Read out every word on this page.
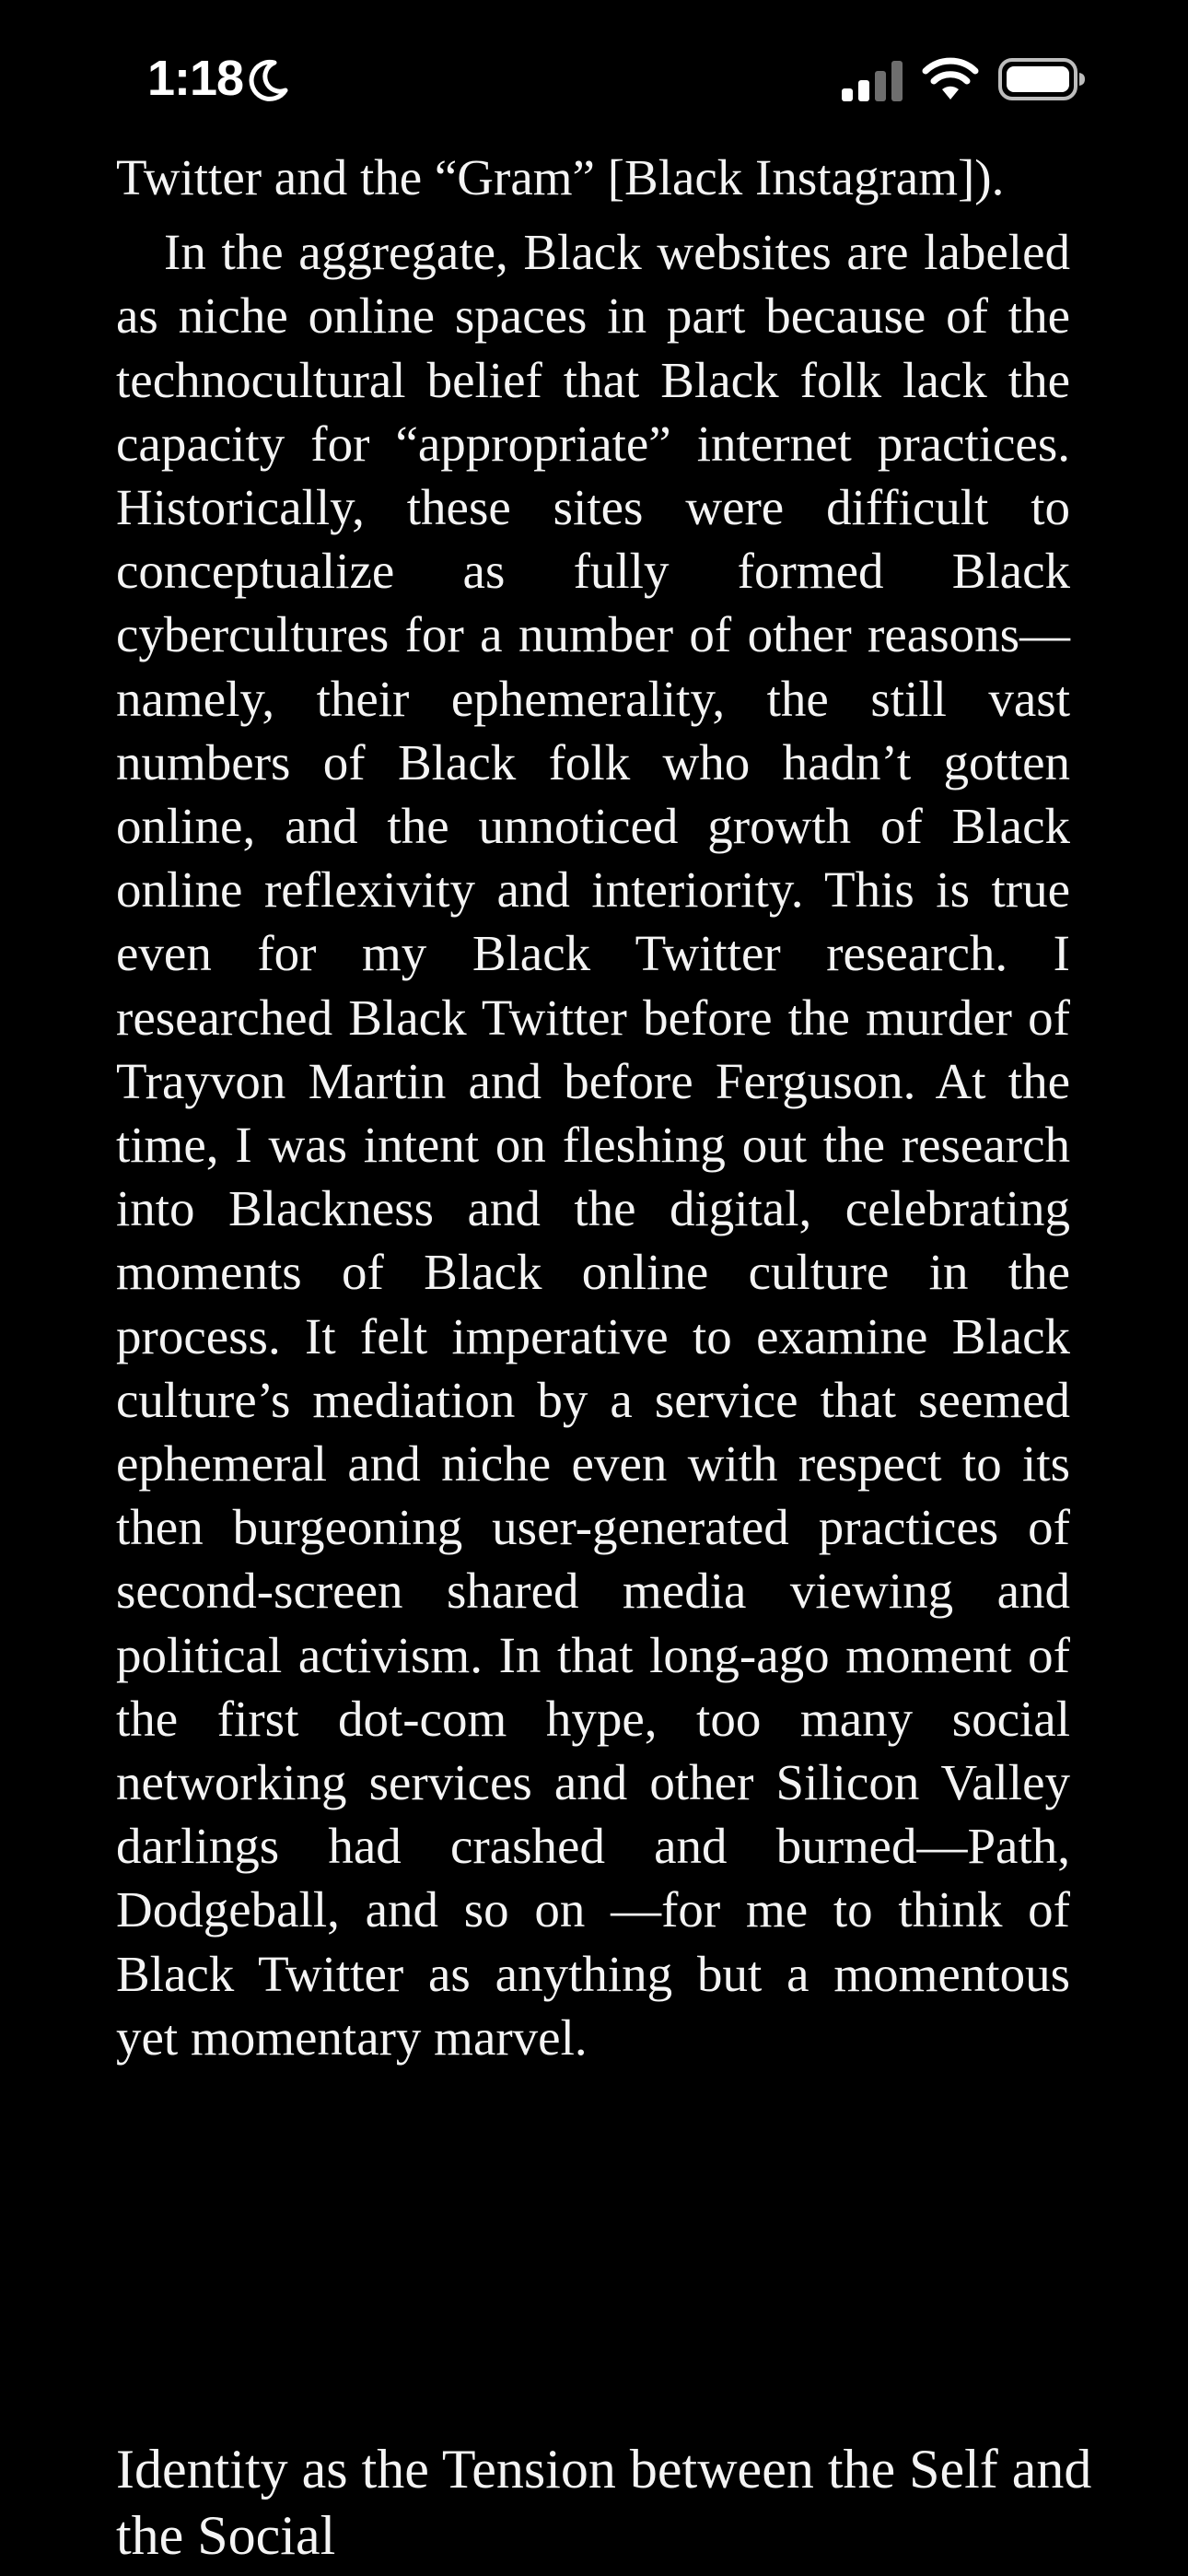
1:18

Twitter and the “Gram” [Black Instagram]).

In the aggregate, Black websites are labeled as niche online spaces in part because of the technocultural belief that Black folk lack the capacity for “appropriate” internet practices. Historically, these sites were difficult to conceptualize as fully formed Black cybercultures for a number of other reasons—namely, their ephemerality, the still vast numbers of Black folk who hadn’t gotten online, and the unnoticed growth of Black online reflexivity and interiority. This is true even for my Black Twitter research. I researched Black Twitter before the murder of Trayvon Martin and before Ferguson. At the time, I was intent on fleshing out the research into Blackness and the digital, celebrating moments of Black online culture in the process. It felt imperative to examine Black culture’s mediation by a service that seemed ephemeral and niche even with respect to its then burgeoning user-generated practices of second-screen shared media viewing and political activism. In that long-ago moment of the first dot-com hype, too many social networking services and other Silicon Valley darlings had crashed and burned—Path, Dodgeball, and so on —for me to think of Black Twitter as anything but a momentous yet momentary marvel.

Identity as the Tension between the Self and the Social
